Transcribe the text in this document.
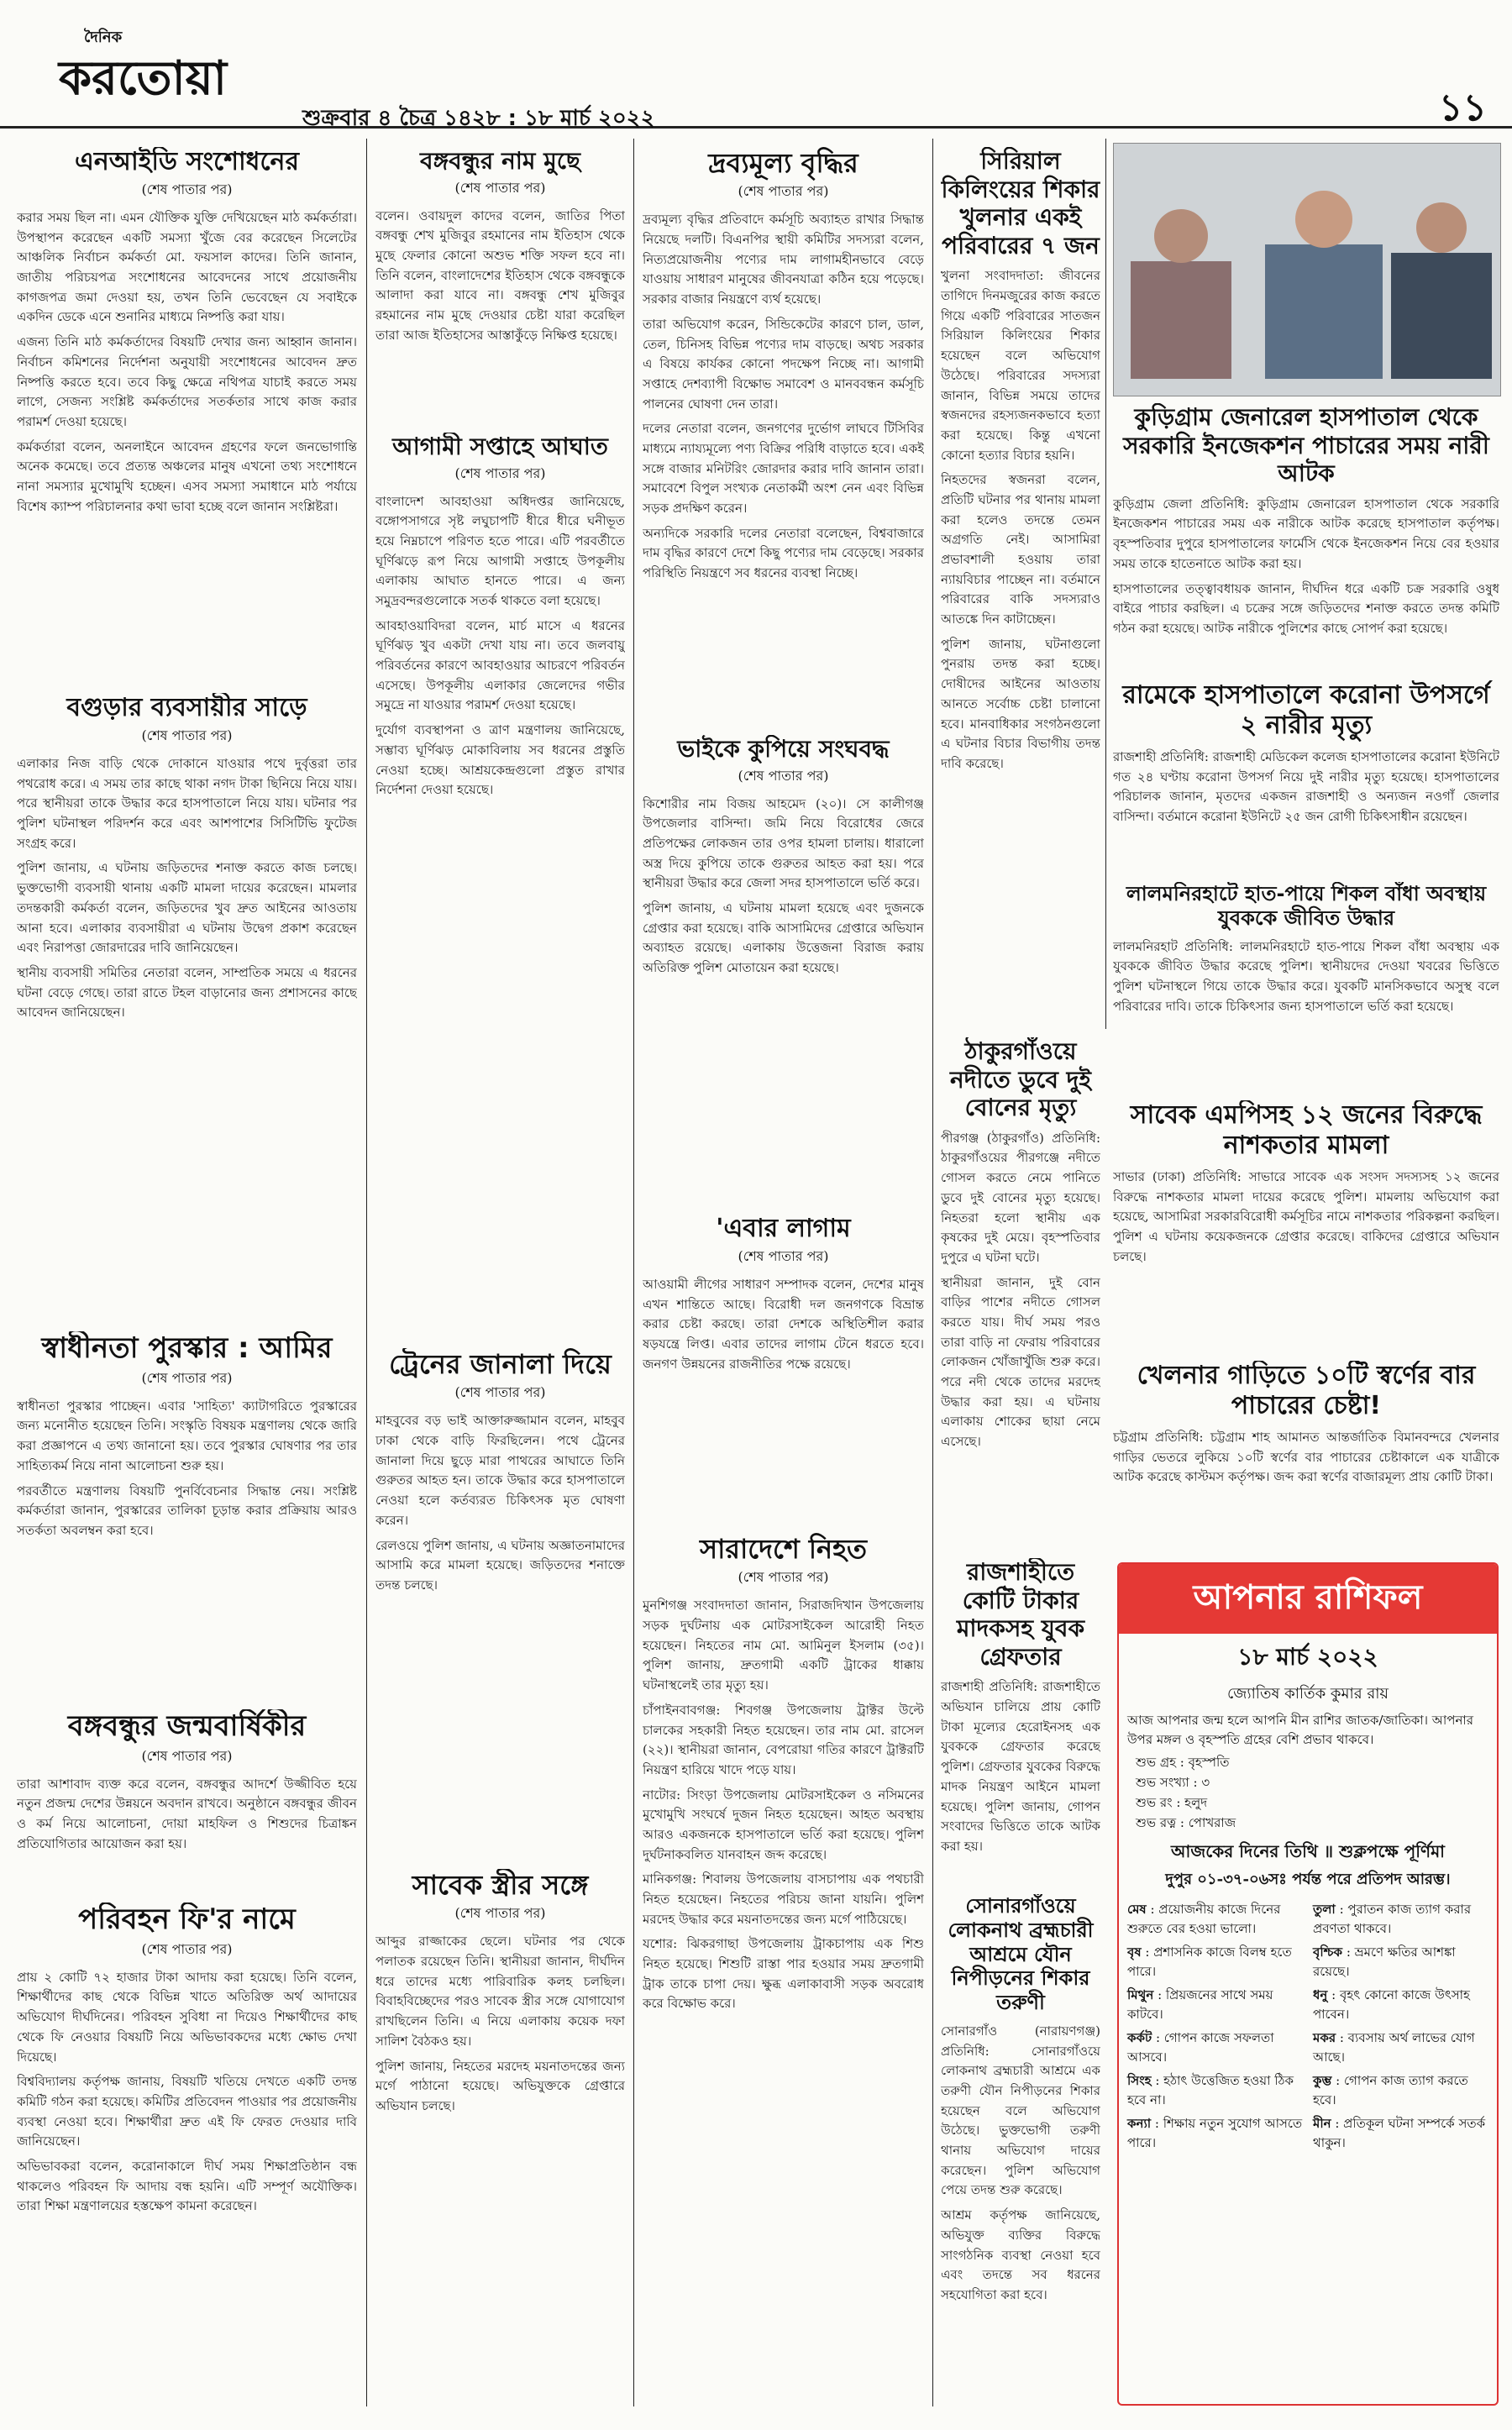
দৈনিক
করতোয়া
শুক্রবার ৪ চৈত্র ১৪২৮ : ১৮ মার্চ ২০২২	১১
এনআইডি সংশোধনের
(শেষ পাতার পর)

করার সময় ছিল না। এমন যৌক্তিক যুক্তি দেখিয়েছেন মাঠ কর্মকর্তারা। উপস্থাপন করেছেন একটি সমস্যা খুঁজে বের করেছেন সিলেটের আঞ্চলিক নির্বাচন কর্মকর্তা মো. ফয়সাল কাদের। তিনি জানান, জাতীয় পরিচয়পত্র সংশোধনের আবেদনের সাথে প্রয়োজনীয় কাগজপত্র জমা দেওয়া হয়, তখন তিনি ভেবেছেন যে সবাইকে একদিন ডেকে এনে শুনানির মাধ্যমে নিষ্পত্তি করা যায়।

এজন্য তিনি মাঠ কর্মকর্তাদের বিষয়টি দেখার জন্য আহ্বান জানান। নির্বাচন কমিশনের নির্দেশনা অনুযায়ী সংশোধনের আবেদন দ্রুত নিষ্পত্তি করতে হবে। তবে কিছু ক্ষেত্রে নথিপত্র যাচাই করতে সময় লাগে, সেজন্য সংশ্লিষ্ট কর্মকর্তাদের সতর্কতার সাথে কাজ করার পরামর্শ দেওয়া হয়েছে।

কর্মকর্তারা বলেন, অনলাইনে আবেদন গ্রহণের ফলে জনভোগান্তি অনেক কমেছে। তবে প্রত্যন্ত অঞ্চলের মানুষ এখনো তথ্য সংশোধনে নানা সমস্যার মুখোমুখি হচ্ছেন। এসব সমস্যা সমাধানে মাঠ পর্যায়ে বিশেষ ক্যাম্প পরিচালনার কথা ভাবা হচ্ছে বলে জানান সংশ্লিষ্টরা।

বগুড়ার ব্যবসায়ীর সাড়ে
(শেষ পাতার পর)

এলাকার নিজ বাড়ি থেকে দোকানে যাওয়ার পথে দুর্বৃত্তরা তার পথরোধ করে। এ সময় তার কাছে থাকা নগদ টাকা ছিনিয়ে নিয়ে যায়। পরে স্থানীয়রা তাকে উদ্ধার করে হাসপাতালে নিয়ে যায়। ঘটনার পর পুলিশ ঘটনাস্থল পরিদর্শন করে এবং আশপাশের সিসিটিভি ফুটেজ সংগ্রহ করে।

পুলিশ জানায়, এ ঘটনায় জড়িতদের শনাক্ত করতে কাজ চলছে। ভুক্তভোগী ব্যবসায়ী থানায় একটি মামলা দায়ের করেছেন। মামলার তদন্তকারী কর্মকর্তা বলেন, জড়িতদের খুব দ্রুত আইনের আওতায় আনা হবে। এলাকার ব্যবসায়ীরা এ ঘটনায় উদ্বেগ প্রকাশ করেছেন এবং নিরাপত্তা জোরদারের দাবি জানিয়েছেন।

স্থানীয় ব্যবসায়ী সমিতির নেতারা বলেন, সাম্প্রতিক সময়ে এ ধরনের ঘটনা বেড়ে গেছে। তারা রাতে টহল বাড়ানোর জন্য প্রশাসনের কাছে আবেদন জানিয়েছেন।

স্বাধীনতা পুরস্কার : আমির
(শেষ পাতার পর)

স্বাধীনতা পুরস্কার পাচ্ছেন। এবার 'সাহিত্য' ক্যাটাগরিতে পুরস্কারের জন্য মনোনীত হয়েছেন তিনি। সংস্কৃতি বিষয়ক মন্ত্রণালয় থেকে জারি করা প্রজ্ঞাপনে এ তথ্য জানানো হয়। তবে পুরস্কার ঘোষণার পর তার সাহিত্যকর্ম নিয়ে নানা আলোচনা শুরু হয়।

পরবর্তীতে মন্ত্রণালয় বিষয়টি পুনর্বিবেচনার সিদ্ধান্ত নেয়। সংশ্লিষ্ট কর্মকর্তারা জানান, পুরস্কারের তালিকা চূড়ান্ত করার প্রক্রিয়ায় আরও সতর্কতা অবলম্বন করা হবে।

বঙ্গবন্ধুর জন্মবার্ষিকীর
(শেষ পাতার পর)

তারা আশাবাদ ব্যক্ত করে বলেন, বঙ্গবন্ধুর আদর্শে উজ্জীবিত হয়ে নতুন প্রজন্ম দেশের উন্নয়নে অবদান রাখবে। অনুষ্ঠানে বঙ্গবন্ধুর জীবন ও কর্ম নিয়ে আলোচনা, দোয়া মাহফিল ও শিশুদের চিত্রাঙ্কন প্রতিযোগিতার আয়োজন করা হয়।

পরিবহন ফি'র নামে
(শেষ পাতার পর)

প্রায় ২ কোটি ৭২ হাজার টাকা আদায় করা হয়েছে। তিনি বলেন, শিক্ষার্থীদের কাছ থেকে বিভিন্ন খাতে অতিরিক্ত অর্থ আদায়ের অভিযোগ দীর্ঘদিনের। পরিবহন সুবিধা না দিয়েও শিক্ষার্থীদের কাছ থেকে ফি নেওয়ার বিষয়টি নিয়ে অভিভাবকদের মধ্যে ক্ষোভ দেখা দিয়েছে।

বিশ্ববিদ্যালয় কর্তৃপক্ষ জানায়, বিষয়টি খতিয়ে দেখতে একটি তদন্ত কমিটি গঠন করা হয়েছে। কমিটির প্রতিবেদন পাওয়ার পর প্রয়োজনীয় ব্যবস্থা নেওয়া হবে। শিক্ষার্থীরা দ্রুত এই ফি ফেরত দেওয়ার দাবি জানিয়েছেন।

অভিভাবকরা বলেন, করোনাকালে দীর্ঘ সময় শিক্ষাপ্রতিষ্ঠান বন্ধ থাকলেও পরিবহন ফি আদায় বন্ধ হয়নি। এটি সম্পূর্ণ অযৌক্তিক। তারা শিক্ষা মন্ত্রণালয়ের হস্তক্ষেপ কামনা করেছেন।

বঙ্গবন্ধুর নাম মুছে
(শেষ পাতার পর)

বলেন। ওবায়দুল কাদের বলেন, জাতির পিতা বঙ্গবন্ধু শেখ মুজিবুর রহমানের নাম ইতিহাস থেকে মুছে ফেলার কোনো অশুভ শক্তি সফল হবে না। তিনি বলেন, বাংলাদেশের ইতিহাস থেকে বঙ্গবন্ধুকে আলাদা করা যাবে না। বঙ্গবন্ধু শেখ মুজিবুর রহমানের নাম মুছে দেওয়ার চেষ্টা যারা করেছিল তারা আজ ইতিহাসের আস্তাকুঁড়ে নিক্ষিপ্ত হয়েছে।

আগামী সপ্তাহে আঘাত
(শেষ পাতার পর)

বাংলাদেশ আবহাওয়া অধিদপ্তর জানিয়েছে, বঙ্গোপসাগরে সৃষ্ট লঘুচাপটি ধীরে ধীরে ঘনীভূত হয়ে নিম্নচাপে পরিণত হতে পারে। এটি পরবর্তীতে ঘূর্ণিঝড়ে রূপ নিয়ে আগামী সপ্তাহে উপকূলীয় এলাকায় আঘাত হানতে পারে। এ জন্য সমুদ্রবন্দরগুলোকে সতর্ক থাকতে বলা হয়েছে।

আবহাওয়াবিদরা বলেন, মার্চ মাসে এ ধরনের ঘূর্ণিঝড় খুব একটা দেখা যায় না। তবে জলবায়ু পরিবর্তনের কারণে আবহাওয়ার আচরণে পরিবর্তন এসেছে। উপকূলীয় এলাকার জেলেদের গভীর সমুদ্রে না যাওয়ার পরামর্শ দেওয়া হয়েছে।

দুর্যোগ ব্যবস্থাপনা ও ত্রাণ মন্ত্রণালয় জানিয়েছে, সম্ভাব্য ঘূর্ণিঝড় মোকাবিলায় সব ধরনের প্রস্তুতি নেওয়া হচ্ছে। আশ্রয়কেন্দ্রগুলো প্রস্তুত রাখার নির্দেশনা দেওয়া হয়েছে।

ট্রেনের জানালা দিয়ে
(শেষ পাতার পর)

মাহবুবের বড় ভাই আক্তারুজ্জামান বলেন, মাহবুব ঢাকা থেকে বাড়ি ফিরছিলেন। পথে ট্রেনের জানালা দিয়ে ছুড়ে মারা পাথরের আঘাতে তিনি গুরুতর আহত হন। তাকে উদ্ধার করে হাসপাতালে নেওয়া হলে কর্তব্যরত চিকিৎসক মৃত ঘোষণা করেন।

রেলওয়ে পুলিশ জানায়, এ ঘটনায় অজ্ঞাতনামাদের আসামি করে মামলা হয়েছে। জড়িতদের শনাক্তে তদন্ত চলছে।

সাবেক স্ত্রীর সঙ্গে
(শেষ পাতার পর)

আব্দুর রাজ্জাকের ছেলে। ঘটনার পর থেকে পলাতক রয়েছেন তিনি। স্থানীয়রা জানান, দীর্ঘদিন ধরে তাদের মধ্যে পারিবারিক কলহ চলছিল। বিবাহবিচ্ছেদের পরও সাবেক স্ত্রীর সঙ্গে যোগাযোগ রাখছিলেন তিনি। এ নিয়ে এলাকায় কয়েক দফা সালিশ বৈঠকও হয়।

পুলিশ জানায়, নিহতের মরদেহ ময়নাতদন্তের জন্য মর্গে পাঠানো হয়েছে। অভিযুক্তকে গ্রেপ্তারে অভিযান চলছে।

দ্রব্যমূল্য বৃদ্ধির
(শেষ পাতার পর)

দ্রব্যমূল্য বৃদ্ধির প্রতিবাদে কর্মসূচি অব্যাহত রাখার সিদ্ধান্ত নিয়েছে দলটি। বিএনপির স্থায়ী কমিটির সদস্যরা বলেন, নিত্যপ্রয়োজনীয় পণ্যের দাম লাগামহীনভাবে বেড়ে যাওয়ায় সাধারণ মানুষের জীবনযাত্রা কঠিন হয়ে পড়েছে। সরকার বাজার নিয়ন্ত্রণে ব্যর্থ হয়েছে।

তারা অভিযোগ করেন, সিন্ডিকেটের কারণে চাল, ডাল, তেল, চিনিসহ বিভিন্ন পণ্যের দাম বাড়ছে। অথচ সরকার এ বিষয়ে কার্যকর কোনো পদক্ষেপ নিচ্ছে না। আগামী সপ্তাহে দেশব্যাপী বিক্ষোভ সমাবেশ ও মানববন্ধন কর্মসূচি পালনের ঘোষণা দেন তারা।

দলের নেতারা বলেন, জনগণের দুর্ভোগ লাঘবে টিসিবির মাধ্যমে ন্যায্যমূল্যে পণ্য বিক্রির পরিধি বাড়াতে হবে। একই সঙ্গে বাজার মনিটরিং জোরদার করার দাবি জানান তারা। সমাবেশে বিপুল সংখ্যক নেতাকর্মী অংশ নেন এবং বিভিন্ন সড়ক প্রদক্ষিণ করেন।

অন্যদিকে সরকারি দলের নেতারা বলেছেন, বিশ্ববাজারে দাম বৃদ্ধির কারণে দেশে কিছু পণ্যের দাম বেড়েছে। সরকার পরিস্থিতি নিয়ন্ত্রণে সব ধরনের ব্যবস্থা নিচ্ছে।

ভাইকে কুপিয়ে সংঘবদ্ধ
(শেষ পাতার পর)

কিশোরীর নাম বিজয় আহমেদ (২০)। সে কালীগঞ্জ উপজেলার বাসিন্দা। জমি নিয়ে বিরোধের জেরে প্রতিপক্ষের লোকজন তার ওপর হামলা চালায়। ধারালো অস্ত্র দিয়ে কুপিয়ে তাকে গুরুতর আহত করা হয়। পরে স্থানীয়রা উদ্ধার করে জেলা সদর হাসপাতালে ভর্তি করে।

পুলিশ জানায়, এ ঘটনায় মামলা হয়েছে এবং দুজনকে গ্রেপ্তার করা হয়েছে। বাকি আসামিদের গ্রেপ্তারে অভিযান অব্যাহত রয়েছে। এলাকায় উত্তেজনা বিরাজ করায় অতিরিক্ত পুলিশ মোতায়েন করা হয়েছে।

'এবার লাগাম
(শেষ পাতার পর)

আওয়ামী লীগের সাধারণ সম্পাদক বলেন, দেশের মানুষ এখন শান্তিতে আছে। বিরোধী দল জনগণকে বিভ্রান্ত করার চেষ্টা করছে। তারা দেশকে অস্থিতিশীল করার ষড়যন্ত্রে লিপ্ত। এবার তাদের লাগাম টেনে ধরতে হবে। জনগণ উন্নয়নের রাজনীতির পক্ষে রয়েছে।

সারাদেশে নিহত
(শেষ পাতার পর)

মুনশিগঞ্জ সংবাদদাতা জানান, সিরাজদিখান উপজেলায় সড়ক দুর্ঘটনায় এক মোটরসাইকেল আরোহী নিহত হয়েছেন। নিহতের নাম মো. আমিনুল ইসলাম (৩৫)। পুলিশ জানায়, দ্রুতগামী একটি ট্রাকের ধাক্কায় ঘটনাস্থলেই তার মৃত্যু হয়।

চাঁপাইনবাবগঞ্জ: শিবগঞ্জ উপজেলায় ট্রাক্টর উল্টে চালকের সহকারী নিহত হয়েছেন। তার নাম মো. রাসেল (২২)। স্থানীয়রা জানান, বেপরোয়া গতির কারণে ট্রাক্টরটি নিয়ন্ত্রণ হারিয়ে খাদে পড়ে যায়।

নাটোর: সিংড়া উপজেলায় মোটরসাইকেল ও নসিমনের মুখোমুখি সংঘর্ষে দুজন নিহত হয়েছেন। আহত অবস্থায় আরও একজনকে হাসপাতালে ভর্তি করা হয়েছে। পুলিশ দুর্ঘটনাকবলিত যানবাহন জব্দ করেছে।

মানিকগঞ্জ: শিবালয় উপজেলায় বাসচাপায় এক পথচারী নিহত হয়েছেন। নিহতের পরিচয় জানা যায়নি। পুলিশ মরদেহ উদ্ধার করে ময়নাতদন্তের জন্য মর্গে পাঠিয়েছে।

যশোর: ঝিকরগাছা উপজেলায় ট্রাকচাপায় এক শিশু নিহত হয়েছে। শিশুটি রাস্তা পার হওয়ার সময় দ্রুতগামী ট্রাক তাকে চাপা দেয়। ক্ষুব্ধ এলাকাবাসী সড়ক অবরোধ করে বিক্ষোভ করে।

সিরিয়াল কিলিংয়ের শিকার খুলনার একই পরিবারের ৭ জন

খুলনা সংবাদদাতা: জীবনের তাগিদে দিনমজুরের কাজ করতে গিয়ে একটি পরিবারের সাতজন সিরিয়াল কিলিংয়ের শিকার হয়েছেন বলে অভিযোগ উঠেছে। পরিবারের সদস্যরা জানান, বিভিন্ন সময়ে তাদের স্বজনদের রহস্যজনকভাবে হত্যা করা হয়েছে। কিন্তু এখনো কোনো হত্যার বিচার হয়নি।

নিহতদের স্বজনরা বলেন, প্রতিটি ঘটনার পর থানায় মামলা করা হলেও তদন্তে তেমন অগ্রগতি নেই। আসামিরা প্রভাবশালী হওয়ায় তারা ন্যায়বিচার পাচ্ছেন না। বর্তমানে পরিবারের বাকি সদস্যরাও আতঙ্কে দিন কাটাচ্ছেন।

পুলিশ জানায়, ঘটনাগুলো পুনরায় তদন্ত করা হচ্ছে। দোষীদের আইনের আওতায় আনতে সর্বোচ্চ চেষ্টা চালানো হবে। মানবাধিকার সংগঠনগুলো এ ঘটনার বিচার বিভাগীয় তদন্ত দাবি করেছে।

ঠাকুরগাঁওয়ে নদীতে ডুবে দুই বোনের মৃত্যু

পীরগঞ্জ (ঠাকুরগাঁও) প্রতিনিধি: ঠাকুরগাঁওয়ের পীরগঞ্জে নদীতে গোসল করতে নেমে পানিতে ডুবে দুই বোনের মৃত্যু হয়েছে। নিহতরা হলো স্থানীয় এক কৃষকের দুই মেয়ে। বৃহস্পতিবার দুপুরে এ ঘটনা ঘটে।

স্থানীয়রা জানান, দুই বোন বাড়ির পাশের নদীতে গোসল করতে যায়। দীর্ঘ সময় পরও তারা বাড়ি না ফেরায় পরিবারের লোকজন খোঁজাখুঁজি শুরু করে। পরে নদী থেকে তাদের মরদেহ উদ্ধার করা হয়। এ ঘটনায় এলাকায় শোকের ছায়া নেমে এসেছে।

রাজশাহীতে কোটি টাকার মাদকসহ যুবক গ্রেফতার

রাজশাহী প্রতিনিধি: রাজশাহীতে অভিযান চালিয়ে প্রায় কোটি টাকা মূল্যের হেরোইনসহ এক যুবককে গ্রেফতার করেছে পুলিশ। গ্রেফতার যুবকের বিরুদ্ধে মাদক নিয়ন্ত্রণ আইনে মামলা হয়েছে। পুলিশ জানায়, গোপন সংবাদের ভিত্তিতে তাকে আটক করা হয়।

সোনারগাঁওয়ে লোকনাথ ব্রহ্মচারী আশ্রমে যৌন নিপীড়নের শিকার তরুণী

সোনারগাঁও (নারায়ণগঞ্জ) প্রতিনিধি: সোনারগাঁওয়ে লোকনাথ ব্রহ্মচারী আশ্রমে এক তরুণী যৌন নিপীড়নের শিকার হয়েছেন বলে অভিযোগ উঠেছে। ভুক্তভোগী তরুণী থানায় অভিযোগ দায়ের করেছেন। পুলিশ অভিযোগ পেয়ে তদন্ত শুরু করেছে।

আশ্রম কর্তৃপক্ষ জানিয়েছে, অভিযুক্ত ব্যক্তির বিরুদ্ধে সাংগঠনিক ব্যবস্থা নেওয়া হবে এবং তদন্তে সব ধরনের সহযোগিতা করা হবে।

কুড়িগ্রাম জেনারেল হাসপাতাল থেকে সরকারি ইনজেকশন পাচারের সময় নারী আটক

কুড়িগ্রাম জেলা প্রতিনিধি: কুড়িগ্রাম জেনারেল হাসপাতাল থেকে সরকারি ইনজেকশন পাচারের সময় এক নারীকে আটক করেছে হাসপাতাল কর্তৃপক্ষ। বৃহস্পতিবার দুপুরে হাসপাতালের ফার্মেসি থেকে ইনজেকশন নিয়ে বের হওয়ার সময় তাকে হাতেনাতে আটক করা হয়।

হাসপাতালের তত্ত্বাবধায়ক জানান, দীর্ঘদিন ধরে একটি চক্র সরকারি ওষুধ বাইরে পাচার করছিল। এ চক্রের সঙ্গে জড়িতদের শনাক্ত করতে তদন্ত কমিটি গঠন করা হয়েছে। আটক নারীকে পুলিশের কাছে সোপর্দ করা হয়েছে।

রামেকে হাসপাতালে করোনা উপসর্গে ২ নারীর মৃত্যু

রাজশাহী প্রতিনিধি: রাজশাহী মেডিকেল কলেজ হাসপাতালের করোনা ইউনিটে গত ২৪ ঘণ্টায় করোনা উপসর্গ নিয়ে দুই নারীর মৃত্যু হয়েছে। হাসপাতালের পরিচালক জানান, মৃতদের একজন রাজশাহী ও অন্যজন নওগাঁ জেলার বাসিন্দা। বর্তমানে করোনা ইউনিটে ২৫ জন রোগী চিকিৎসাধীন রয়েছেন।

লালমনিরহাটে হাত-পায়ে শিকল বাঁধা অবস্থায় যুবককে জীবিত উদ্ধার

লালমনিরহাট প্রতিনিধি: লালমনিরহাটে হাত-পায়ে শিকল বাঁধা অবস্থায় এক যুবককে জীবিত উদ্ধার করেছে পুলিশ। স্থানীয়দের দেওয়া খবরের ভিত্তিতে পুলিশ ঘটনাস্থলে গিয়ে তাকে উদ্ধার করে। যুবকটি মানসিকভাবে অসুস্থ বলে পরিবারের দাবি। তাকে চিকিৎসার জন্য হাসপাতালে ভর্তি করা হয়েছে।

সাবেক এমপিসহ ১২ জনের বিরুদ্ধে নাশকতার মামলা

সাভার (ঢাকা) প্রতিনিধি: সাভারে সাবেক এক সংসদ সদস্যসহ ১২ জনের বিরুদ্ধে নাশকতার মামলা দায়ের করেছে পুলিশ। মামলায় অভিযোগ করা হয়েছে, আসামিরা সরকারবিরোধী কর্মসূচির নামে নাশকতার পরিকল্পনা করছিল। পুলিশ এ ঘটনায় কয়েকজনকে গ্রেপ্তার করেছে। বাকিদের গ্রেপ্তারে অভিযান চলছে।

খেলনার গাড়িতে ১০টি স্বর্ণের বার পাচারের চেষ্টা!

চট্টগ্রাম প্রতিনিধি: চট্টগ্রাম শাহ আমানত আন্তর্জাতিক বিমানবন্দরে খেলনার গাড়ির ভেতরে লুকিয়ে ১০টি স্বর্ণের বার পাচারের চেষ্টাকালে এক যাত্রীকে আটক করেছে কাস্টমস কর্তৃপক্ষ। জব্দ করা স্বর্ণের বাজারমূল্য প্রায় কোটি টাকা।

আপনার রাশিফল
১৮ মার্চ ২০২২
জ্যোতিষ কার্তিক কুমার রায়
আজ আপনার জন্ম হলে আপনি মীন রাশির জাতক/জাতিকা। আপনার উপর মঙ্গল ও বৃহস্পতি গ্রহের বেশি প্রভাব থাকবে।
শুভ গ্রহ : বৃহস্পতি
শুভ সংখ্যা : ৩
শুভ রং : হলুদ
শুভ রত্ন : পোখরাজ
আজকের দিনের তিথি ॥ শুক্লপক্ষে পূর্ণিমা
দুপুর ০১-৩৭-০৬সঃ পর্যন্ত পরে প্রতিপদ আরম্ভ।
মেষ : প্রয়োজনীয় কাজে দিনের শুরুতে বের হওয়া ভালো।
তুলা : পুরাতন কাজ ত্যাগ করার প্রবণতা থাকবে।
বৃষ : প্রশাসনিক কাজে বিলম্ব হতে পারে।
বৃশ্চিক : ভ্রমণে ক্ষতির আশঙ্কা রয়েছে।
মিথুন : প্রিয়জনের সাথে সময় কাটবে।
ধনু : বৃহৎ কোনো কাজে উৎসাহ পাবেন।
কর্কট : গোপন কাজে সফলতা আসবে।
মকর : ব্যবসায় অর্থ লাভের যোগ আছে।
সিংহ : হঠাৎ উত্তেজিত হওয়া ঠিক হবে না।
কুম্ভ : গোপন কাজ ত্যাগ করতে হবে।
কন্যা : শিক্ষায় নতুন সুযোগ আসতে পারে।
মীন : প্রতিকূল ঘটনা সম্পর্কে সতর্ক থাকুন।
